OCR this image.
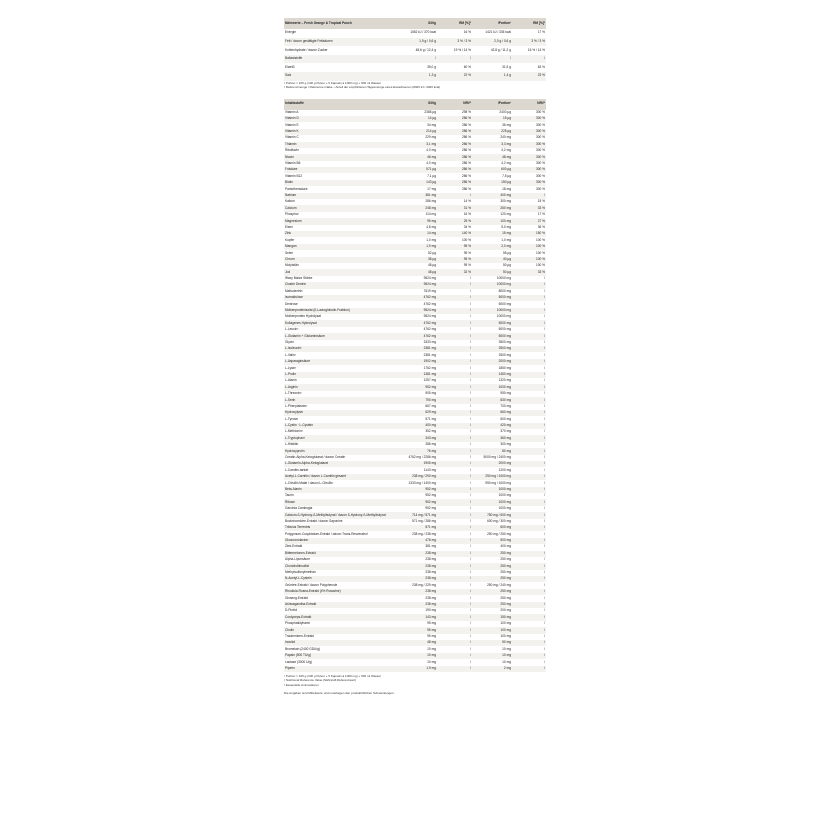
Nährwerte – Fresh Orange & Tropical Punch	/100g	RM [%]²	/Portion¹	RM [%]²
Energie	1552 kJ / 370 kcal	16 %	1421 kJ / 335 kcal	17 %
Fett / davon gesättigte Fettsäuren	1,9 g / 0,6 g	3 % / 3 %	2,0 g / 0,6 g	3 % / 3 %
Kohlenhydrate / davon Zucker	48,6 g / 12,4 g	19 % / 14 %	42,8 g / 11,2 g	16 % / 14 %
Ballaststoffe	/	/	/	/
Eiweiß	35,0 g	60 %	31,5 g	63 %
Salz	1,3 g	22 %	1,4 g	23 %
¹ Portion = 105 g (100 g Pulver + 5 Kapseln à 1000 mg) + 600 ml Wasser
² Referenzmenge / Reference intake – Anteil der empfohlenen Tagesmenge eines Erwachsenen (8400 kJ / 2000 kcal)
Inhaltsstoffe	/100g	NRV²	/Portion¹	NRV²
Vitamin A	2386 µg	298 %	2400 µg	300 %
Vitamin D	14 µg	286 %	15 µg	300 %
Vitamin E	34 mg	286 %	36 mg	300 %
Vitamin K	214 µg	286 %	225 µg	300 %
Vitamin C	229 mg	286 %	240 mg	300 %
Thiamin	3,1 mg	286 %	3,3 mg	300 %
Riboflavin	4,0 mg	286 %	4,2 mg	300 %
Niacin	46 mg	286 %	48 mg	300 %
Vitamin B6	4,0 mg	286 %	4,2 mg	300 %
Folsäure	571 µg	286 %	600 µg	300 %
Vitamin B12	7,1 µg	286 %	7,5 µg	300 %
Biotin	143 µg	286 %	150 µg	300 %
Pantothensäure	17 mg	286 %	18 mg	300 %
Natrium	381 mg	/	400 mg	/
Kalium	286 mg	14 %	300 mg	15 %
Calcium	248 mg	31 %	260 mg	33 %
Phosphor	114 mg	16 %	120 mg	17 %
Magnesium	95 mg	25 %	100 mg	27 %
Eisen	4,8 mg	34 %	5,0 mg	36 %
Zink	14 mg	140 %	15 mg	150 %
Kupfer	1,0 mg	100 %	1,0 mg	100 %
Mangan	1,9 mg	95 %	2,0 mg	100 %
Selen	52 µg	95 %	55 µg	100 %
Chrom	38 µg	95 %	40 µg	100 %
Molybdän	48 µg	95 %	50 µg	100 %
Jod	48 µg	32 %	50 µg	33 %
Waxy Maize Stärke	9524 mg	/	10000 mg	/
Cluster Dextrin	9524 mg	/	10000 mg	/
Maltodextrin	7619 mg	/	8000 mg	/
Isomaltulose	4762 mg	/	5000 mg	/
Dextrose	4762 mg	/	5000 mg	/
Molkenproteinisolat (ß-Lactoglobulin-Fraktion)	9524 mg	/	10000 mg	/
Molkenprotein Hydrolysat	9524 mg	/	10000 mg	/
Kollagenes Hydrolysat	4762 mg	/	5000 mg	/
L-Leucin³	4762 mg	/	5000 mg	/
L-Glutamin + Glutaminsäure	4762 mg	/	5000 mg	/
Glycin	3333 mg	/	3500 mg	/
L-Isoleucin³	2381 mg	/	2500 mg	/
L-Valin³	2381 mg	/	2500 mg	/
L-Asparaginsäure	1902 mg	/	2000 mg	/
L-Lysin³	1762 mg	/	1850 mg	/
L-Prolin	1381 mg	/	1450 mg	/
L-Alanin	1257 mg	/	1320 mg	/
L-Arginin	952 mg	/	1000 mg	/
L-Threonin³	905 mg	/	950 mg	/
L-Serin	790 mg	/	830 mg	/
L-Phenylalanin³	667 mg	/	700 mg	/
Hydroxylysin	629 mg	/	660 mg	/
L-Tyrosin	571 mg	/	600 mg	/
L-Cystin · L-Cystein	400 mg	/	420 mg	/
L-Methionin³	352 mg	/	370 mg	/
L-Tryptophan³	343 mg	/	360 mg	/
L-Histidin	286 mg	/	300 mg	/
Hydroxyprolin	76 mg	/	80 mg	/
Creatin-Alpha-Ketoglutarat / davon Creatin	4762 mg / 2286 mg	/	5000 mg / 2400 mg	/
L-Glutamin-Alpha-Ketoglutarat	1905 mg	/	2000 mg	/
L-Carnitin-tartrat	1143 mg	/	1200 mg	/
Acetyl-L-Carnitin / davon L-Carnitin gesamt	238 mg / 290 mg	/	250 mg / 1000 mg	/
L-Citrullin Malat / davon L-Citrullin	1333 mg / 1400 mg	/	950 mg / 1000 mg	/
Beta-Alanin	952 mg	/	1000 mg	/
Taurin	952 mg	/	1000 mg	/
Ribose	952 mg	/	1000 mg	/
Garcinia Cambogia	952 mg	/	1000 mg	/
Calcium-ß-Hydroxy-ß-Methylbutyrat / davon ß-Hydroxy-ß-Methylbutyrat	714 mg / 571 mg	/	750 mg / 600 mg	/
Bockshornklee-Extrakt / davon Saponine	571 mg / 286 mg	/	600 mg / 300 mg	/
Tribulus Terrestris	571 mg	/	600 mg	/
Polygonum-Cuspidatum-Extrakt / davon Trans-Resveratrol	238 mg / 238 mg	/	250 mg / 250 mg	/
Glucuronolacton	476 mg	/	500 mg	/
Zimt-Extrakt	381 mg	/	400 mg	/
Bittermelonen-Extrakt	238 mg	/	250 mg	/
Alpha-Liponsäure	238 mg	/	250 mg	/
Chondroitinsulfat	238 mg	/	250 mg	/
Methylsulfonylmethan	238 mg	/	250 mg	/
N-Acetyl-L-Cystein	238 mg	/	250 mg	/
Grüntee-Extrakt / davon Polyphenole	238 mg / 229 mg	/	250 mg / 240 mg	/
Rhodiola-Rosea-Extrakt (4% Rosavine)	238 mg	/	250 mg	/
Ginseng-Extrakt	238 mg	/	250 mg	/
Ashwagandha-Extrakt	238 mg	/	250 mg	/
D-Pinitol	190 mg	/	200 mg	/
Cordyceps-Extrakt	143 mg	/	150 mg	/
Phosphatidylserin	95 mg	/	100 mg	/
Cholin	95 mg	/	100 mg	/
Traubenkern-Extrakt	95 mg	/	100 mg	/
Inositol	48 mg	/	50 mg	/
Bromelain (2400 GDU/g)	10 mg	/	10 mg	/
Papain (500 TU/g)	10 mg	/	10 mg	/
Lactase (3000 U/g)	10 mg	/	10 mg	/
Piperin	1,9 mg	/	2 mg	/
¹ Portion = 105 g (100 g Pulver + 5 Kapseln à 1000 mg) + 500 ml Wasser
² Nutritional Reference Value (Nährstoff-Referenzwert)
³ Essentielle Aminosäuren
Die Angaben sind Mittelwerte und unterliegen den produktüblichen Schwankungen.
